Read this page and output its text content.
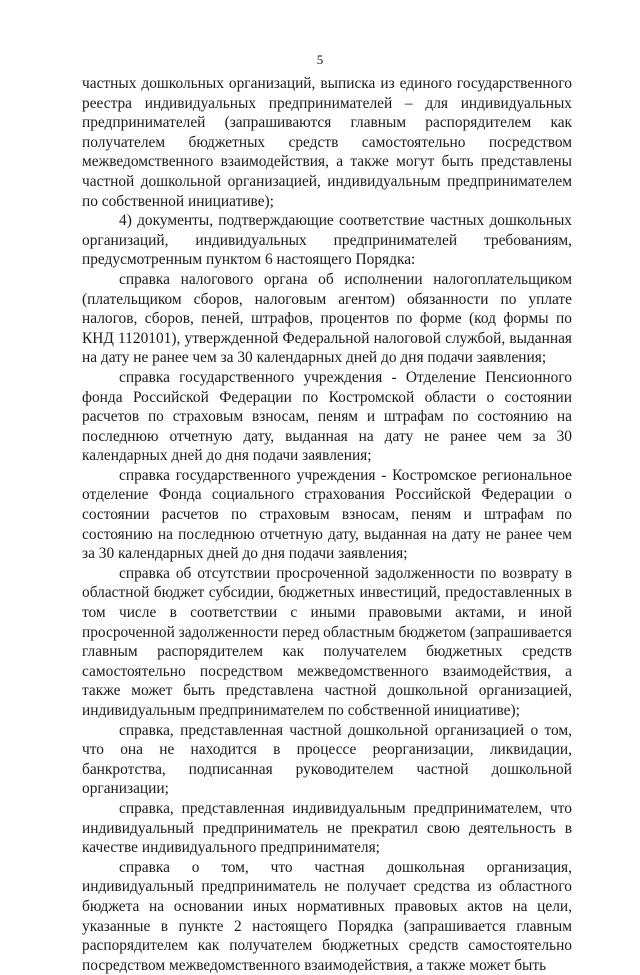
5

частных дошкольных организаций, выписка из единого государственного реестра индивидуальных предпринимателей – для индивидуальных предпринимателей (запрашиваются главным распорядителем как получателем бюджетных средств самостоятельно посредством межведомственного взаимодействия, а также могут быть представлены частной дошкольной организацией, индивидуальным предпринимателем по собственной инициативе);

4) документы, подтверждающие соответствие частных дошкольных организаций, индивидуальных предпринимателей требованиям, предусмотренным пунктом 6 настоящего Порядка:

справка налогового органа об исполнении налогоплательщиком (плательщиком сборов, налоговым агентом) обязанности по уплате налогов, сборов, пеней, штрафов, процентов по форме (код формы по КНД 1120101), утвержденной Федеральной налоговой службой, выданная на дату не ранее чем за 30 календарных дней до дня подачи заявления;

справка государственного учреждения - Отделение Пенсионного фонда Российской Федерации по Костромской области о состоянии расчетов по страховым взносам, пеням и штрафам по состоянию на последнюю отчетную дату, выданная на дату не ранее чем за 30 календарных дней до дня подачи заявления;

справка государственного учреждения - Костромское региональное отделение Фонда социального страхования Российской Федерации о состоянии расчетов по страховым взносам, пеням и штрафам по состоянию на последнюю отчетную дату, выданная на дату не ранее чем за 30 календарных дней до дня подачи заявления;

справка об отсутствии просроченной задолженности по возврату в областной бюджет субсидии, бюджетных инвестиций, предоставленных в том числе в соответствии с иными правовыми актами, и иной просроченной задолженности перед областным бюджетом (запрашивается главным распорядителем как получателем бюджетных средств самостоятельно посредством межведомственного взаимодействия, а также может быть представлена частной дошкольной организацией, индивидуальным предпринимателем по собственной инициативе);

справка, представленная частной дошкольной организацией о том, что она не находится в процессе реорганизации, ликвидации, банкротства, подписанная руководителем частной дошкольной организации;

справка, представленная индивидуальным предпринимателем, что индивидуальный предприниматель не прекратил свою деятельность в качестве индивидуального предпринимателя;

справка о том, что частная дошкольная организация, индивидуальный предприниматель не получает средства из областного бюджета на основании иных нормативных правовых актов на цели, указанные в пункте 2 настоящего Порядка (запрашивается главным распорядителем как получателем бюджетных средств самостоятельно посредством межведомственного взаимодействия, а также может быть
